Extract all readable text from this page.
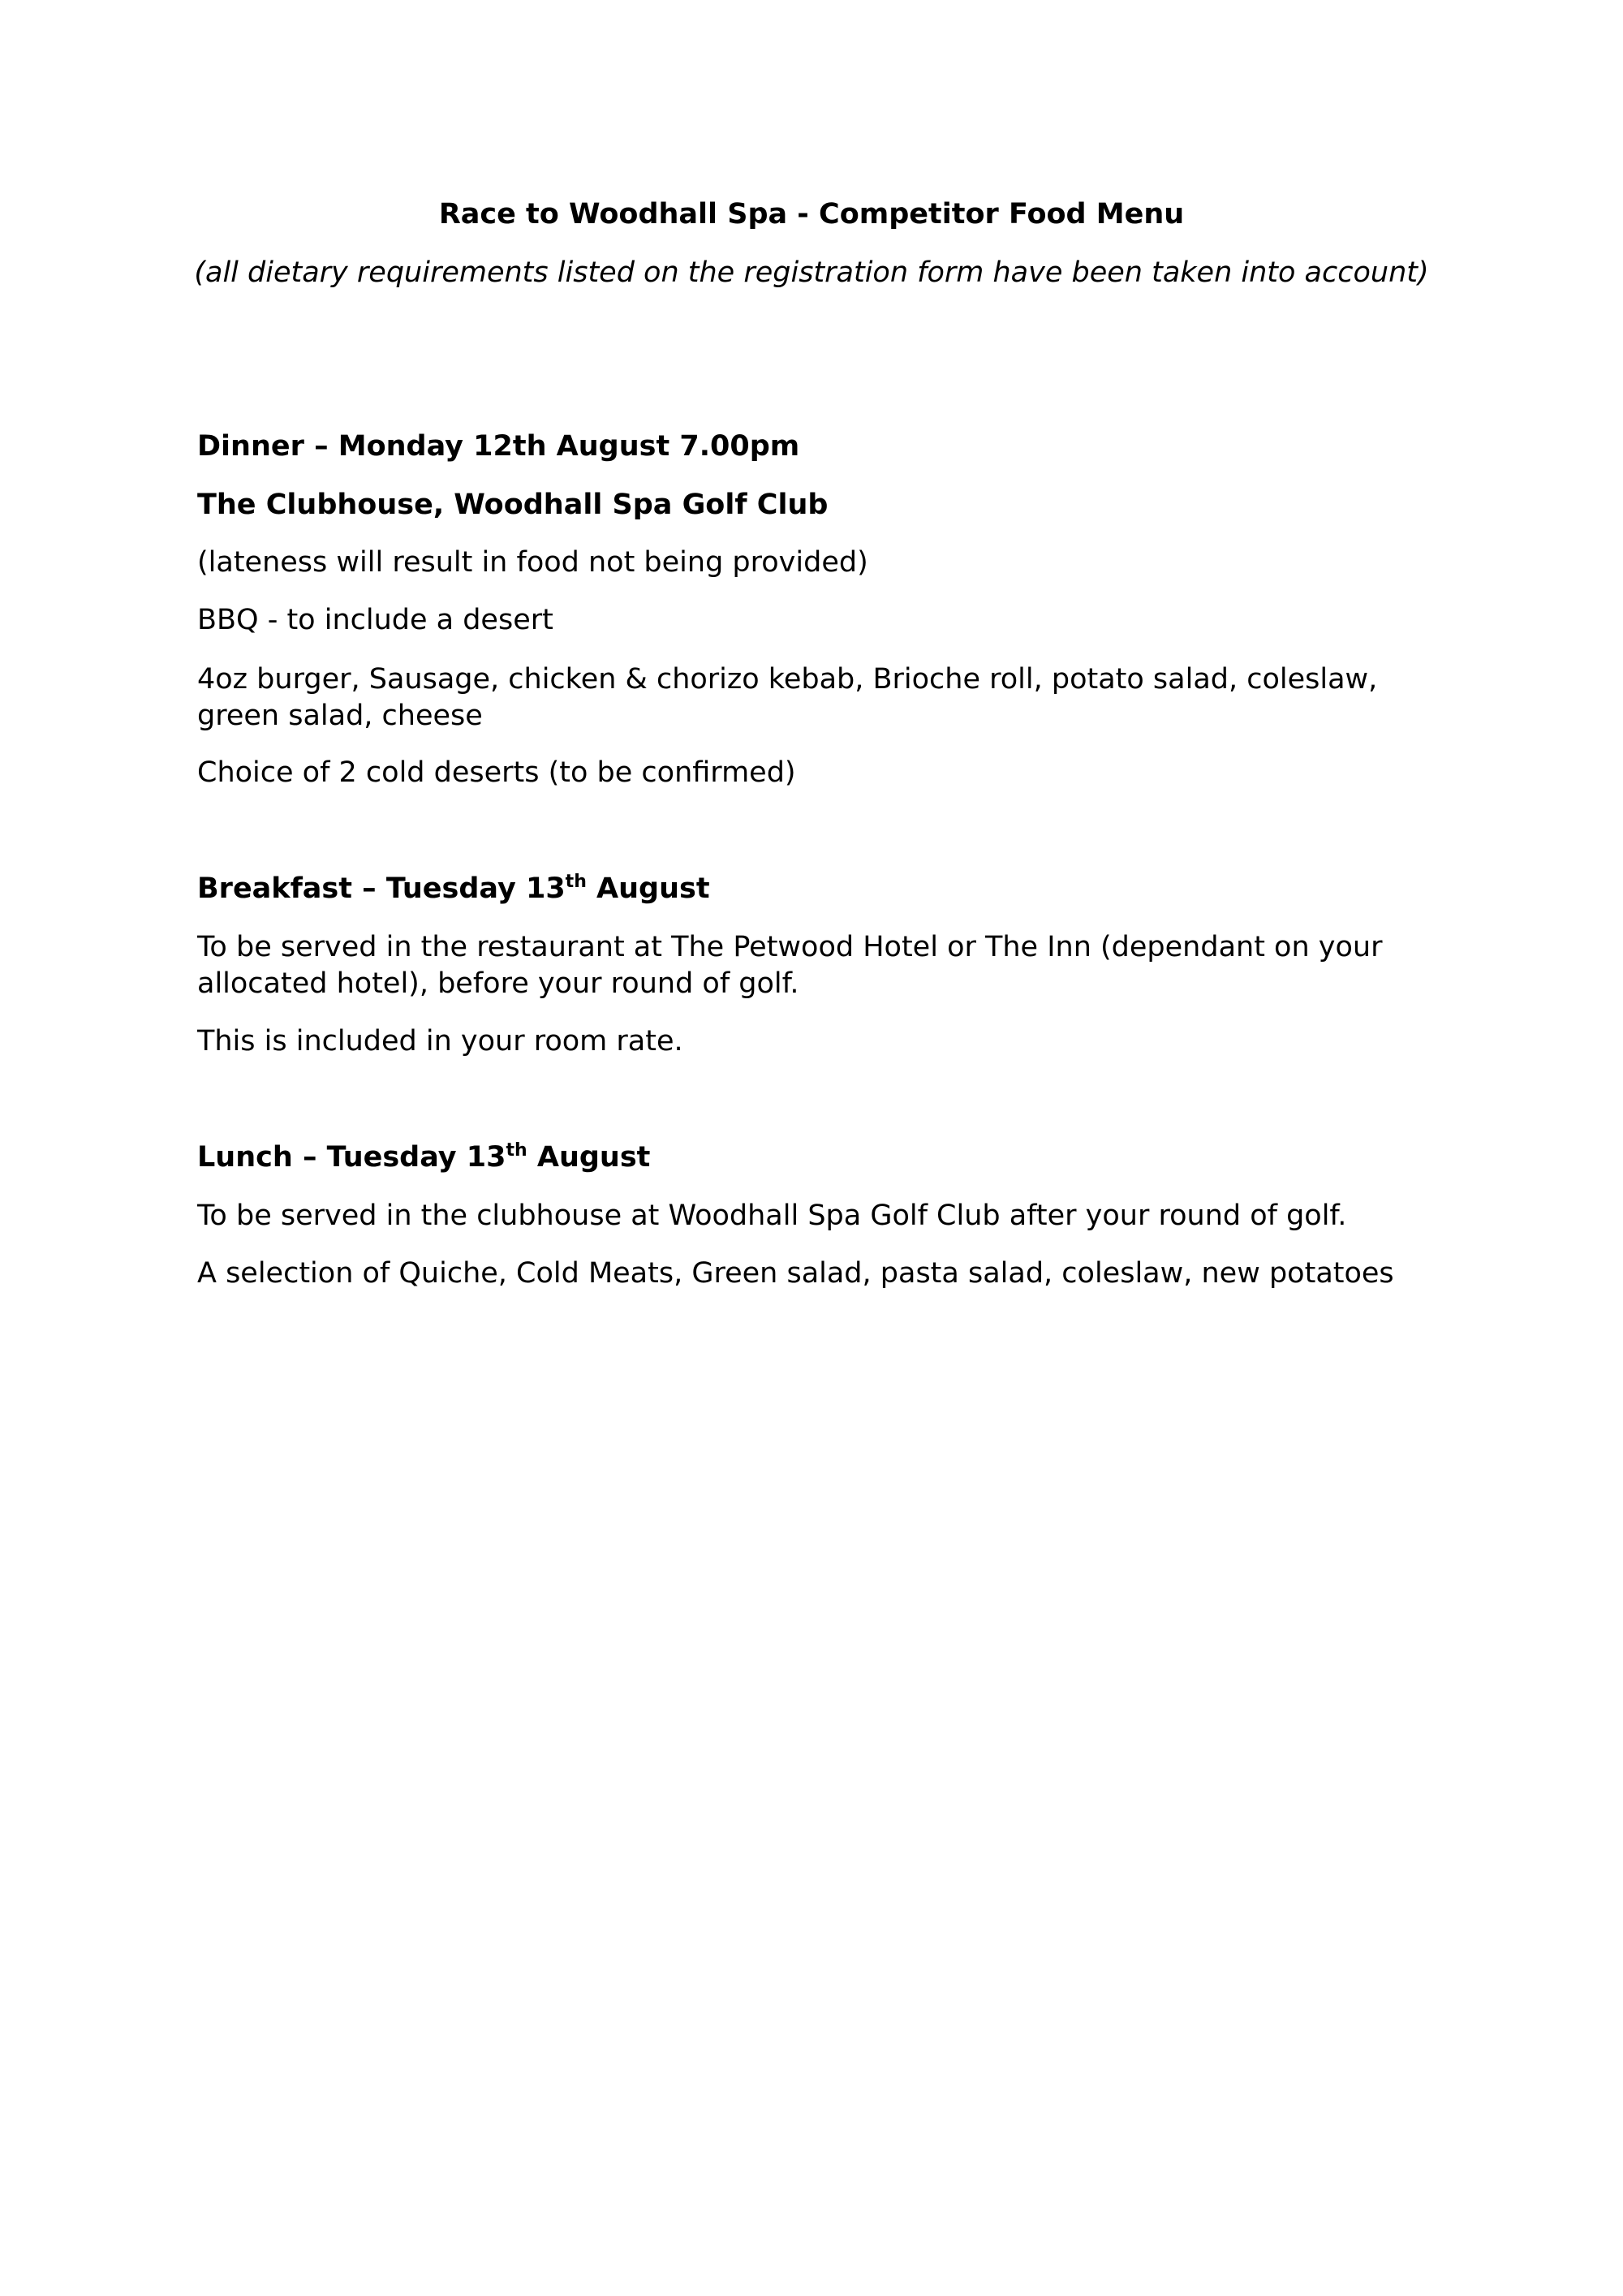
Race to Woodhall Spa - Competitor Food Menu
(all dietary requirements listed on the registration form have been taken into account)
Dinner – Monday 12th August 7.00pm
The Clubhouse, Woodhall Spa Golf Club
(lateness will result in food not being provided)
BBQ - to include a desert
4oz burger, Sausage, chicken & chorizo kebab, Brioche roll, potato salad, coleslaw,
green salad, cheese
Choice of 2 cold deserts (to be confirmed)
Breakfast – Tuesday 13th August
To be served in the restaurant at The Petwood Hotel or The Inn (dependant on your
allocated hotel), before your round of golf.
This is included in your room rate.
Lunch – Tuesday 13th August
To be served in the clubhouse at Woodhall Spa Golf Club after your round of golf.
A selection of Quiche, Cold Meats, Green salad, pasta salad, coleslaw, new potatoes
